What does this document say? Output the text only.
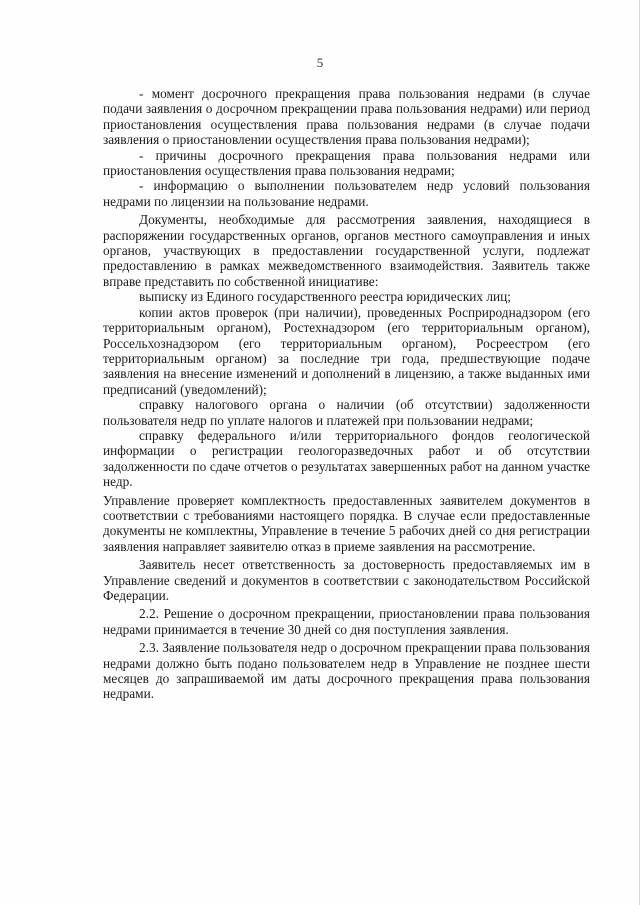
5

- момент досрочного прекращения права пользования недрами (в случае подачи заявления о досрочном прекращении права пользования недрами) или период приостановления осуществления права пользования недрами (в случае подачи заявления о приостановлении осуществления права пользования недрами);

- причины досрочного прекращения права пользования недрами или приостановления осуществления права пользования недрами;

- информацию о выполнении пользователем недр условий пользования недрами по лицензии на пользование недрами.

Документы, необходимые для рассмотрения заявления, находящиеся в распоряжении государственных органов, органов местного самоуправления и иных органов, участвующих в предоставлении государственной услуги, подлежат предоставлению в рамках межведомственного взаимодействия. Заявитель также вправе представить по собственной инициативе:

выписку из Единого государственного реестра юридических лиц;

копии актов проверок (при наличии), проведенных Росприроднадзором (его территориальным органом), Ростехнадзором (его территориальным органом), Россельхознадзором (его территориальным органом), Росреестром (его территориальным органом) за последние три года, предшествующие подаче заявления на внесение изменений и дополнений в лицензию, а также выданных ими предписаний (уведомлений);

справку налогового органа о наличии (об отсутствии) задолженности пользователя недр по уплате налогов и платежей при пользовании недрами;

справку федерального и/или территориального фондов геологической информации о регистрации геологоразведочных работ и об отсутствии задолженности по сдаче отчетов о результатах завершенных работ на данном участке недр.

Управление проверяет комплектность предоставленных заявителем документов в соответствии с требованиями настоящего порядка. В случае если предоставленные документы не комплектны, Управление в течение 5 рабочих дней со дня регистрации заявления направляет заявителю отказ в приеме заявления на рассмотрение.

Заявитель несет ответственность за достоверность предоставляемых им в Управление сведений и документов в соответствии с законодательством Российской Федерации.

2.2. Решение о досрочном прекращении, приостановлении права пользования недрами принимается в течение 30 дней со дня поступления заявления.

2.3. Заявление пользователя недр о досрочном прекращении права пользования недрами должно быть подано пользователем недр в Управление не позднее шести месяцев до запрашиваемой им даты досрочного прекращения права пользования недрами.
